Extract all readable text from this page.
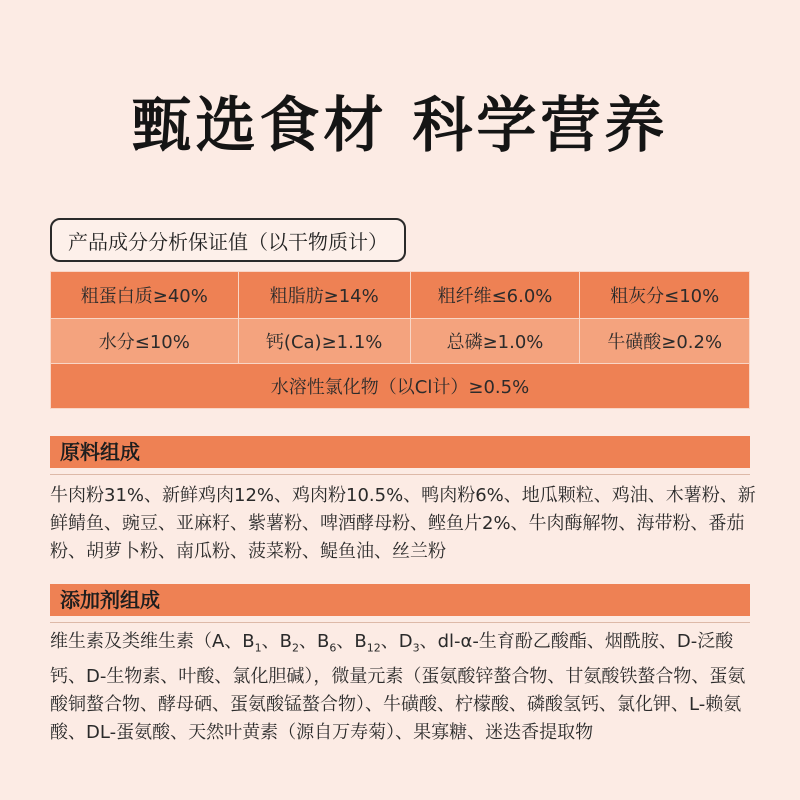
甄选食材 科学营养
产品成分分析保证值（以干物质计）
粗蛋白质≥40%	粗脂肪≥14%	粗纤维≤6.0%	粗灰分≤10%
水分≤10%	钙(Ca)≥1.1%	总磷≥1.0%	牛磺酸≥0.2%
水溶性氯化物（以Cl计）≥0.5%			
原料组成
牛肉粉31%、新鲜鸡肉12%、鸡肉粉10.5%、鸭肉粉6%、地瓜颗粒、鸡油、木薯粉、新鲜鲭鱼、豌豆、亚麻籽、紫薯粉、啤酒酵母粉、鲣鱼片2%、牛肉酶解物、海带粉、番茄粉、胡萝卜粉、南瓜粉、菠菜粉、鳀鱼油、丝兰粉
添加剂组成
维生素及类维生素（A、$B_1$、$B_2$、$B_6$、$B_{12}$、$D_3$、dl-α-生育酚乙酸酯、烟酰胺、D-泛酸钙、D-生物素、叶酸、氯化胆碱），微量元素（蛋氨酸锌螯合物、甘氨酸铁螯合物、蛋氨酸铜螯合物、酵母硒、蛋氨酸锰螯合物）、牛磺酸、柠檬酸、磷酸氢钙、氯化钾、L-赖氨酸、DL-蛋氨酸、天然叶黄素（源自万寿菊）、果寡糖、迷迭香提取物
